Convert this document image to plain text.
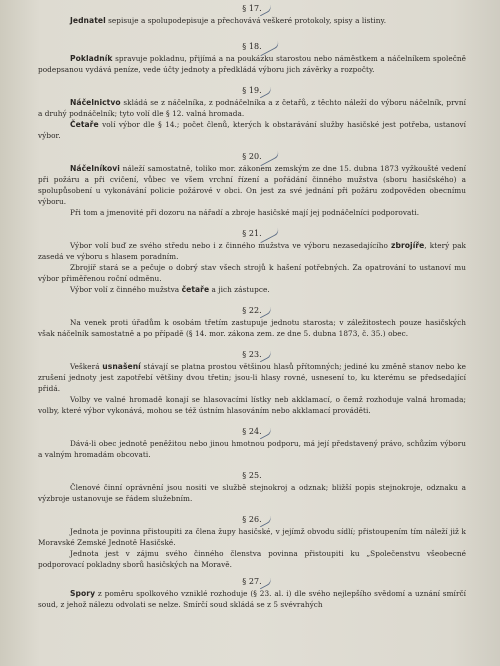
§ 17.

Jednatel sepisuje a spolupodepisuje a přechovává veškeré protokoly, spisy a listiny.

§ 18.

Pokladník spravuje pokladnu, přijímá a na poukázku starostou nebo náměstkem a náčelníkem společně podepsanou vydává peníze, vede účty jednoty a předkládá výboru jich závěrky a rozpočty.

§ 19.

Náčelnictvo skládá se z náčelníka, z podnáčelníka a z četařů, z těchto náleží do výboru náčelník, první a druhý podnáčelník; tyto volí dle § 12. valná hromada.

Četaře volí výbor dle § 14.; počet členů, kterých k obstarávání služby hasičské jest potřeba, ustanoví výbor.

§ 20.

Náčelníkovi náleží samostatně, toliko mor. zákonem zemským ze dne 15. dubna 1873 vyžkoušté vedení při požáru a při cvičení, vůbec ve všem vrchní řízení a pořádání činného mužstva (sboru hasičského) a spolupůsobení u vykonávání policie požárové v obci. On jest za své jednání při požáru zodpověden obecnímu výboru.

Při tom a jmenovité při dozoru na nářadí a zbroje hasičské mají jej podnáčelníci podporovati.

§ 21.

Výbor volí buď ze svého středu nebo i z činného mužstva ve výboru nezasedajícího zbrojíře, který pak zasedá ve výboru s hlasem poradním.

Zbrojíř stará se a pečuje o dobrý stav všech strojů k hašení potřebných. Za opatrování to ustanoví mu výbor přiměřenou roční odměnu.

Výbor volí z činného mužstva četaře a jich zástupce.

§ 22.

Na venek proti úřadům k osobám třetím zastupuje jednotu starosta; v záležitostech pouze hasičských však náčelník samostatně a po případě (§ 14. mor. zákona zem. ze dne 5. dubna 1873, č. 35.) obec.

§ 23.

Veškerá usnašení stávají se platna prostou většinou hlasů přítomných; jediné ku změně stanov nebo ke zrušení jednoty jest zapotřebí většiny dvou třetin; jsou-li hlasy rovné, usnesení to, ku kterému se předsedající přidá.

Volby ve valné hromadě konají se hlasovacími lístky neb akklamací, o čemž rozhoduje valná hromada; volby, které výbor vykonává, mohou se též ústním hlasováním nebo akklamací prováděti.

§ 24.

Dává-li obec jednotě peněžitou nebo jinou hmotnou podporu, má její představený právo, schůzím výboru a valným hromadám obcovati.

§ 25.

Členové činní oprávnění jsou nositi ve službě stejnokroj a odznak; bližší popis stejnokroje, odznaku a výzbroje ustanovuje se řádem služebním.

§ 26.

Jednota je povinna přistoupiti za člena župy hasičské, v jejímž obvodu sídlí; přistoupením tím náleží již k Moravské Zemské Jednotě Hasičské.

Jednota jest v zájmu svého činného členstva povinna přistoupiti ku „Společenstvu všeobecné podporovací pokladny sborů hasičských na Moravě.

§ 27.

Spory z poměru spolkového vzniklé rozhoduje (§ 23. al. i) dle svého nejlepšího svědomí a uznání smírčí soud, z jehož nálezu odvolati se nelze. Smírčí soud skládá se z 5 svévrahých
